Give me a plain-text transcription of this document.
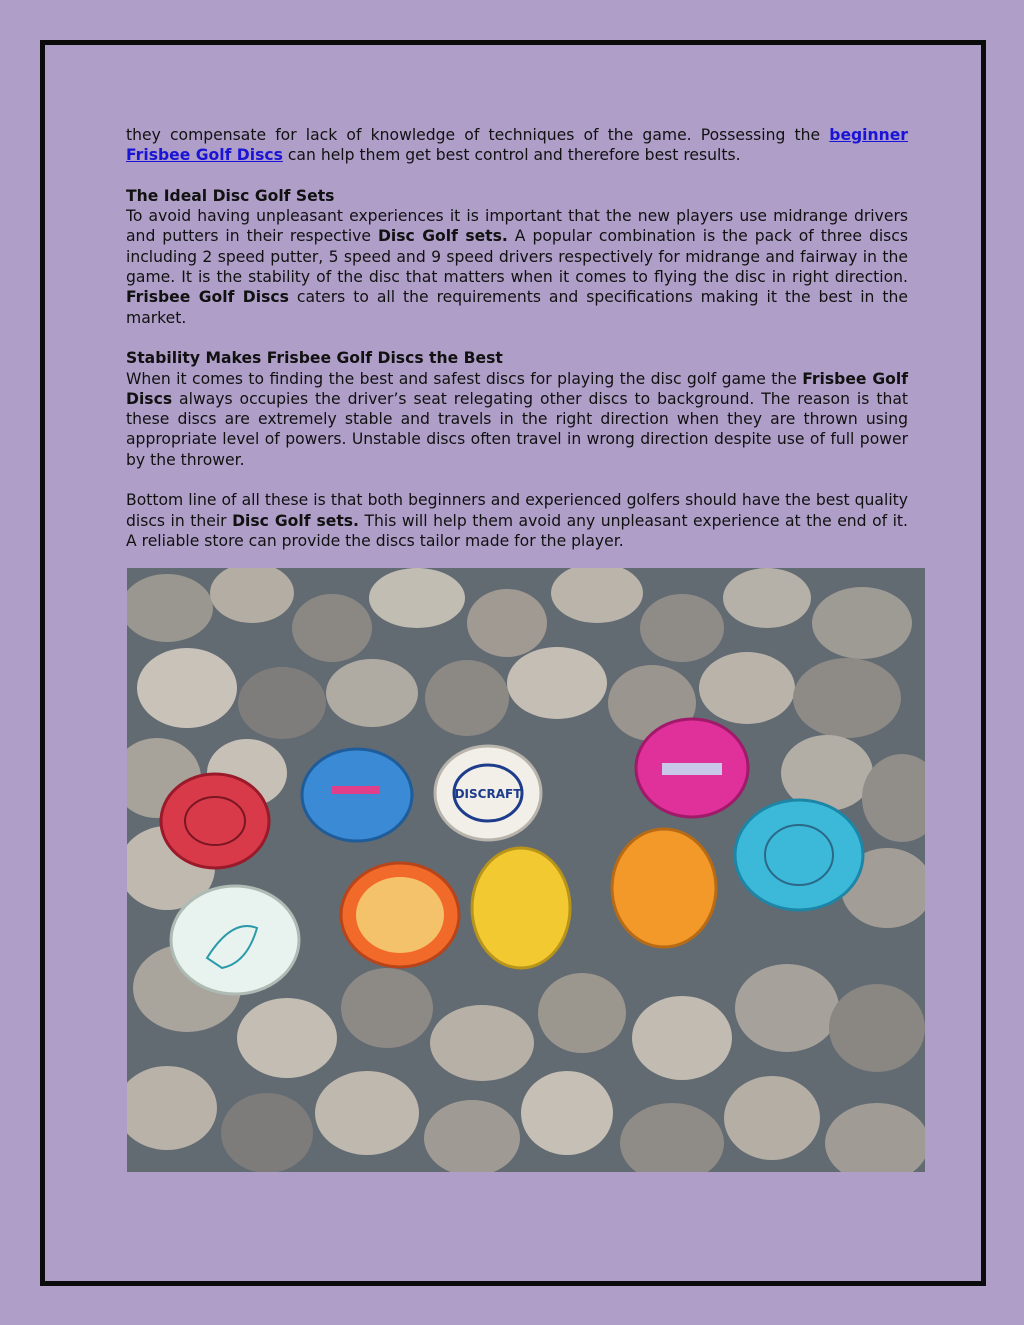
they compensate for lack of knowledge of techniques of the game. Possessing the beginner Frisbee Golf Discs can help them get best control and therefore best results.

The Ideal Disc Golf Sets
To avoid having unpleasant experiences it is important that the new players use midrange drivers and putters in their respective Disc Golf sets. A popular combination is the pack of three discs including 2 speed putter, 5 speed and 9 speed drivers respectively for midrange and fairway in the game. It is the stability of the disc that matters when it comes to flying the disc in right direction. Frisbee Golf Discs caters to all the requirements and specifications making it the best in the market.

Stability Makes Frisbee Golf Discs the Best
When it comes to finding the best and safest discs for playing the disc golf game the Frisbee Golf Discs always occupies the driver’s seat relegating other discs to background. The reason is that these discs are extremely stable and travels in the right direction when they are thrown using appropriate level of powers. Unstable discs often travel in wrong direction despite use of full power by the thrower.

Bottom line of all these is that both beginners and experienced golfers should have the best quality discs in their Disc Golf sets. This will help them avoid any unpleasant experience at the end of it. A reliable store can provide the discs tailor made for the player.

DISCRAFT
